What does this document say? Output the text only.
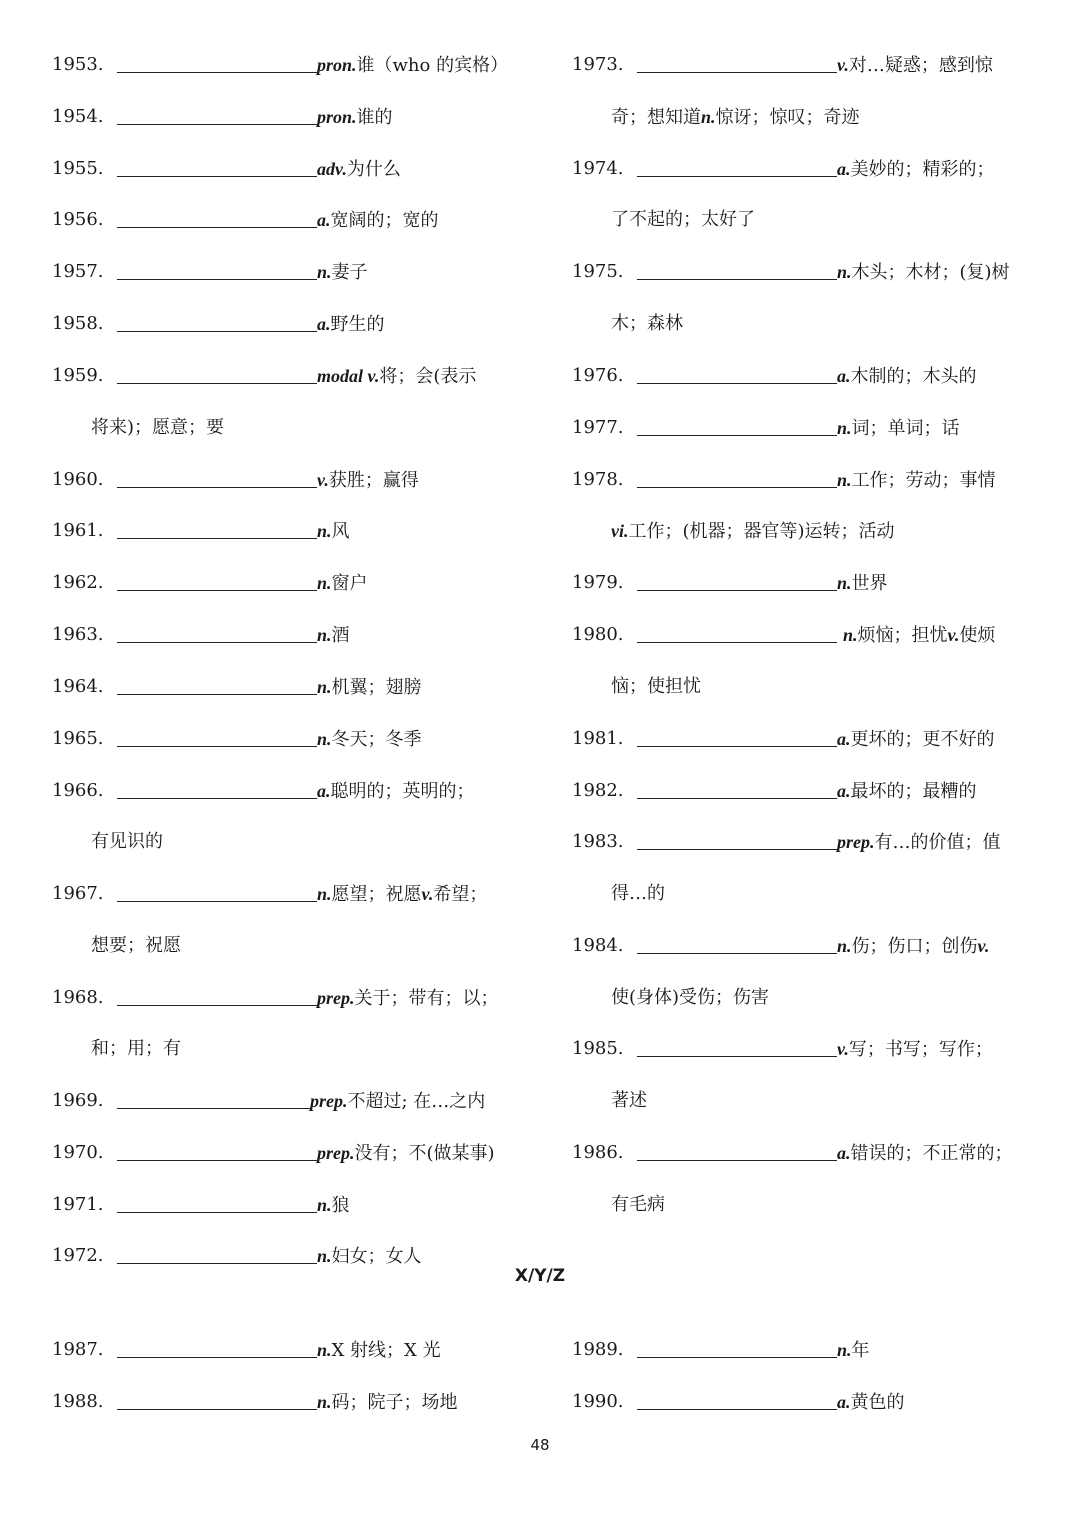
1953.	pron.谁（who 的宾格）
1954.	pron.谁的
1955.	adv.为什么
1956.	a.宽阔的；宽的
1957.	n.妻子
1958.	a.野生的
1959.	modal v.将；会(表示
将来)；愿意；要
1960.	v.获胜；赢得
1961.	n.风
1962.	n.窗户
1963.	n.酒
1964.	n.机翼；翅膀
1965.	n.冬天；冬季
1966.	a.聪明的；英明的；
有见识的
1967.	n.愿望；祝愿v.希望；
想要；祝愿
1968.	prep.关于；带有；以；
和；用；有
1969.	prep.不超过; 在…之内
1970.	prep.没有；不(做某事)
1971.	n.狼
1972.	n.妇女；女人
1973.	v.对…疑惑；感到惊
奇；想知道n.惊讶；惊叹；奇迹
1974.	a.美妙的；精彩的；
了不起的；太好了
1975.	n.木头；木材；(复)树
木；森林
1976.	a.木制的；木头的
1977.	n.词；单词；话
1978.	n.工作；劳动；事情
vi.工作；(机器；器官等)运转；活动
1979.	n.世界
1980.	n.烦恼；担忧v.使烦
恼；使担忧
1981.	a.更坏的；更不好的
1982.	a.最坏的；最糟的
1983.	prep.有…的价值；值
得…的
1984.	n.伤；伤口；创伤v.
使(身体)受伤；伤害
1985.	v.写；书写；写作；
著述
1986.	a.错误的；不正常的；
有毛病
X/Y/Z
1987.	n.X 射线；X 光
1988.	n.码；院子；场地
1989.	n.年
1990.	a.黄色的
48
